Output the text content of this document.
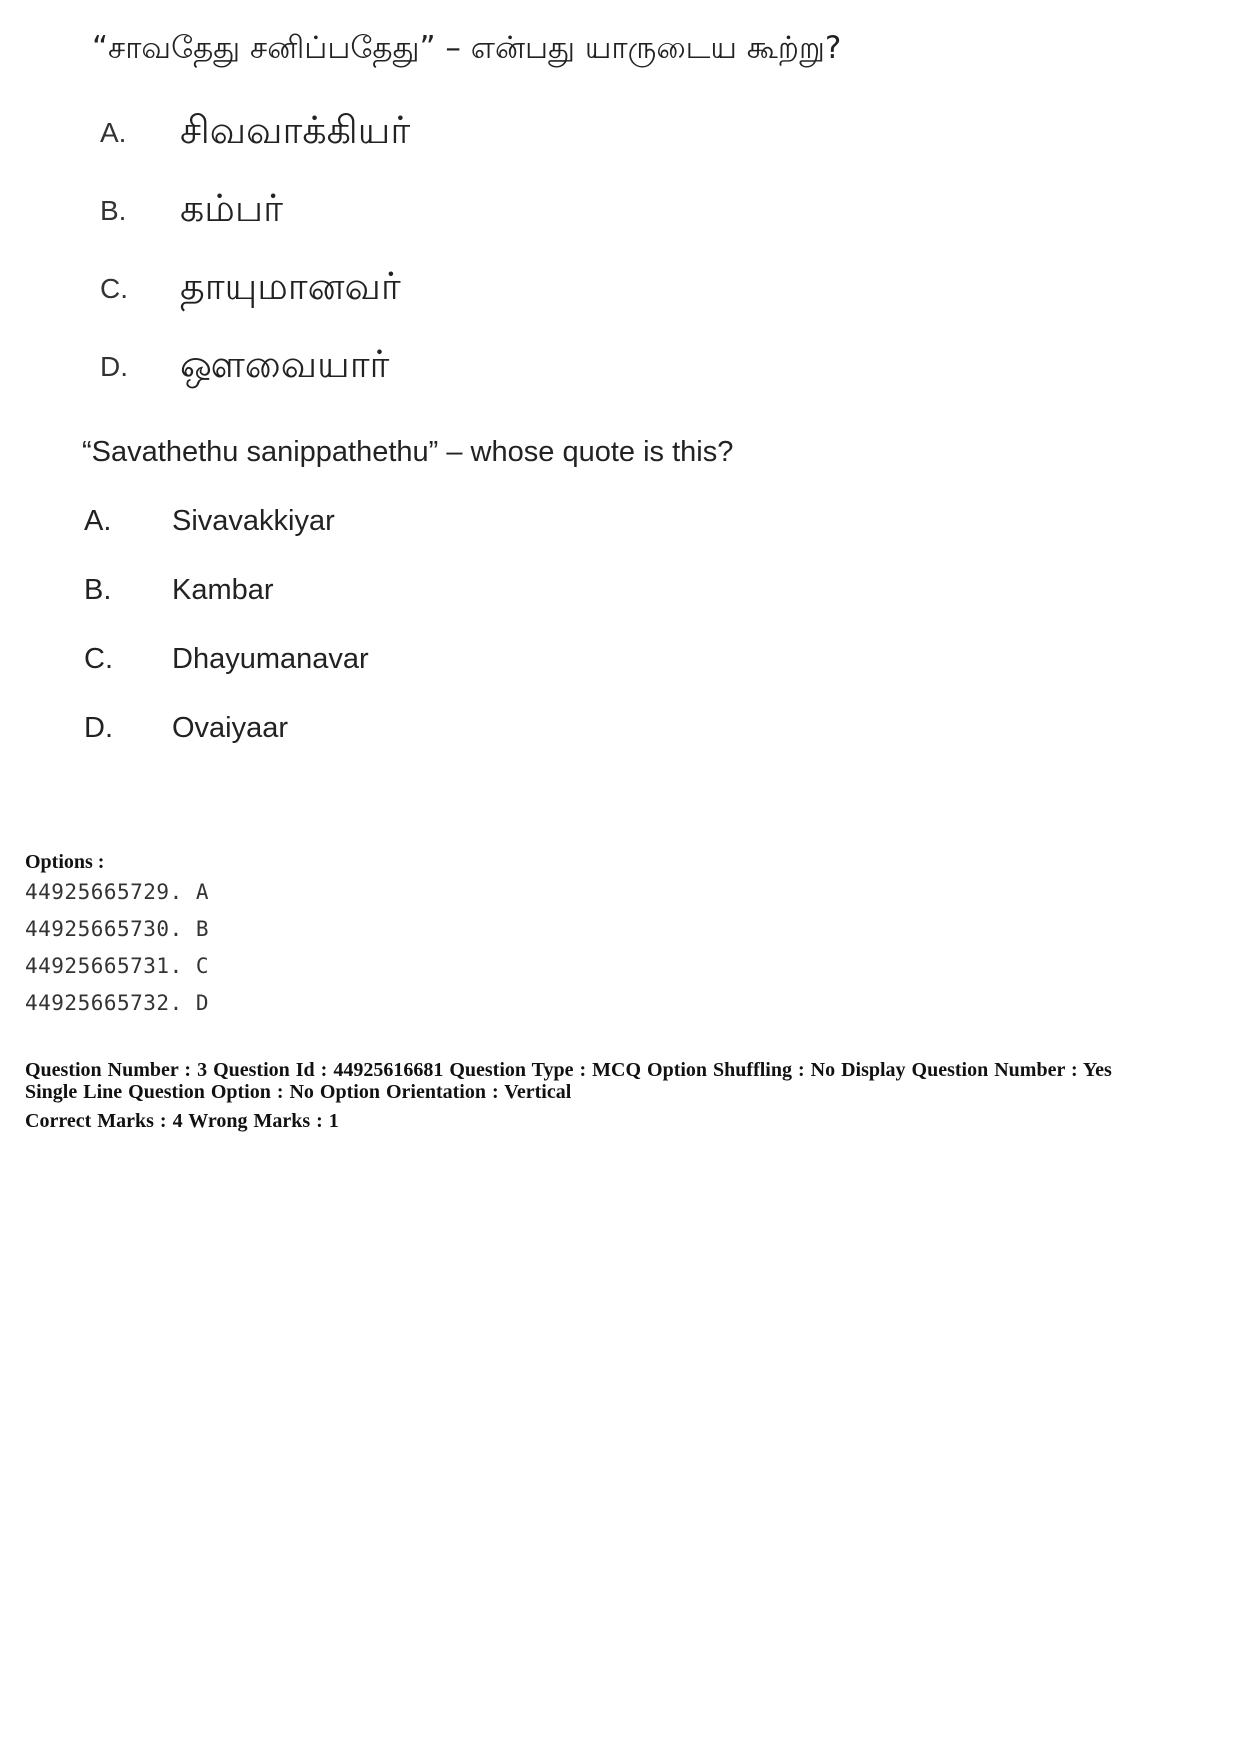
“சாவதேது சனிப்பதேது” – என்பது யாருடைய கூற்று?
A. சிவவாக்கியர்
B. கம்பர்
C. தாயுமானவர்
D. ஔவையார்
“Savathethu sanippathethu” – whose quote is this?
A. Sivavakkiyar
B. Kambar
C. Dhayumanavar
D. Ovaiyaar
Options :
44925665729. A
44925665730. B
44925665731. C
44925665732. D
Question Number : 3 Question Id : 44925616681 Question Type : MCQ Option Shuffling : No Display Question Number : Yes
Single Line Question Option : No Option Orientation : Vertical
Correct Marks : 4 Wrong Marks : 1
